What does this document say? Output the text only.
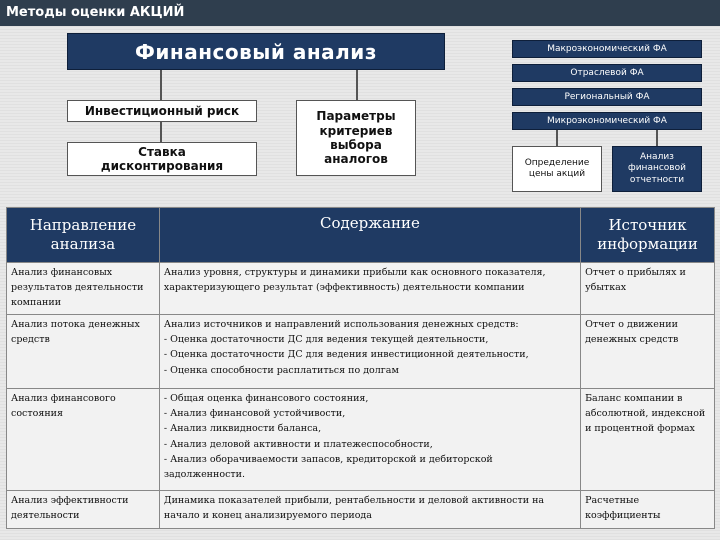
Методы оценки АКЦИЙ
Финансовый анализ
Инвестиционный риск
Ставка дисконтирования
Параметры критериев выбора аналогов
Макроэкономический ФА
Отраслевой ФА
Региональный ФА
Микроэкономический ФА
Определение цены акций
Анализ финансовой отчетности
Направление анализа	Содержание	Источник информации
Анализ финансовых результатов деятельности компании	Анализ уровня, структуры и динамики прибыли как основного показателя, характеризующего результат (эффективность) деятельности компании	Отчет о прибылях и убытках
Анализ потока денежных средств	Анализ источников и направлений использования денежных средств:
- Оценка достаточности ДС для ведения текущей деятельности,
- Оценка достаточности ДС для ведения инвестиционной деятельности,
- Оценка способности расплатиться по долгам	Отчет о движении денежных средств
Анализ финансового состояния	- Общая оценка финансового состояния,
- Анализ финансовой устойчивости,
- Анализ ликвидности баланса,
- Анализ деловой активности и платежеспособности,
- Анализ оборачиваемости запасов, кредиторской и дебиторской задолженности.	Баланс компании в абсолютной, индексной и процентной формах
Анализ эффективности деятельности	Динамика показателей прибыли, рентабельности и деловой активности на начало и конец анализируемого периода	Расчетные коэффициенты
